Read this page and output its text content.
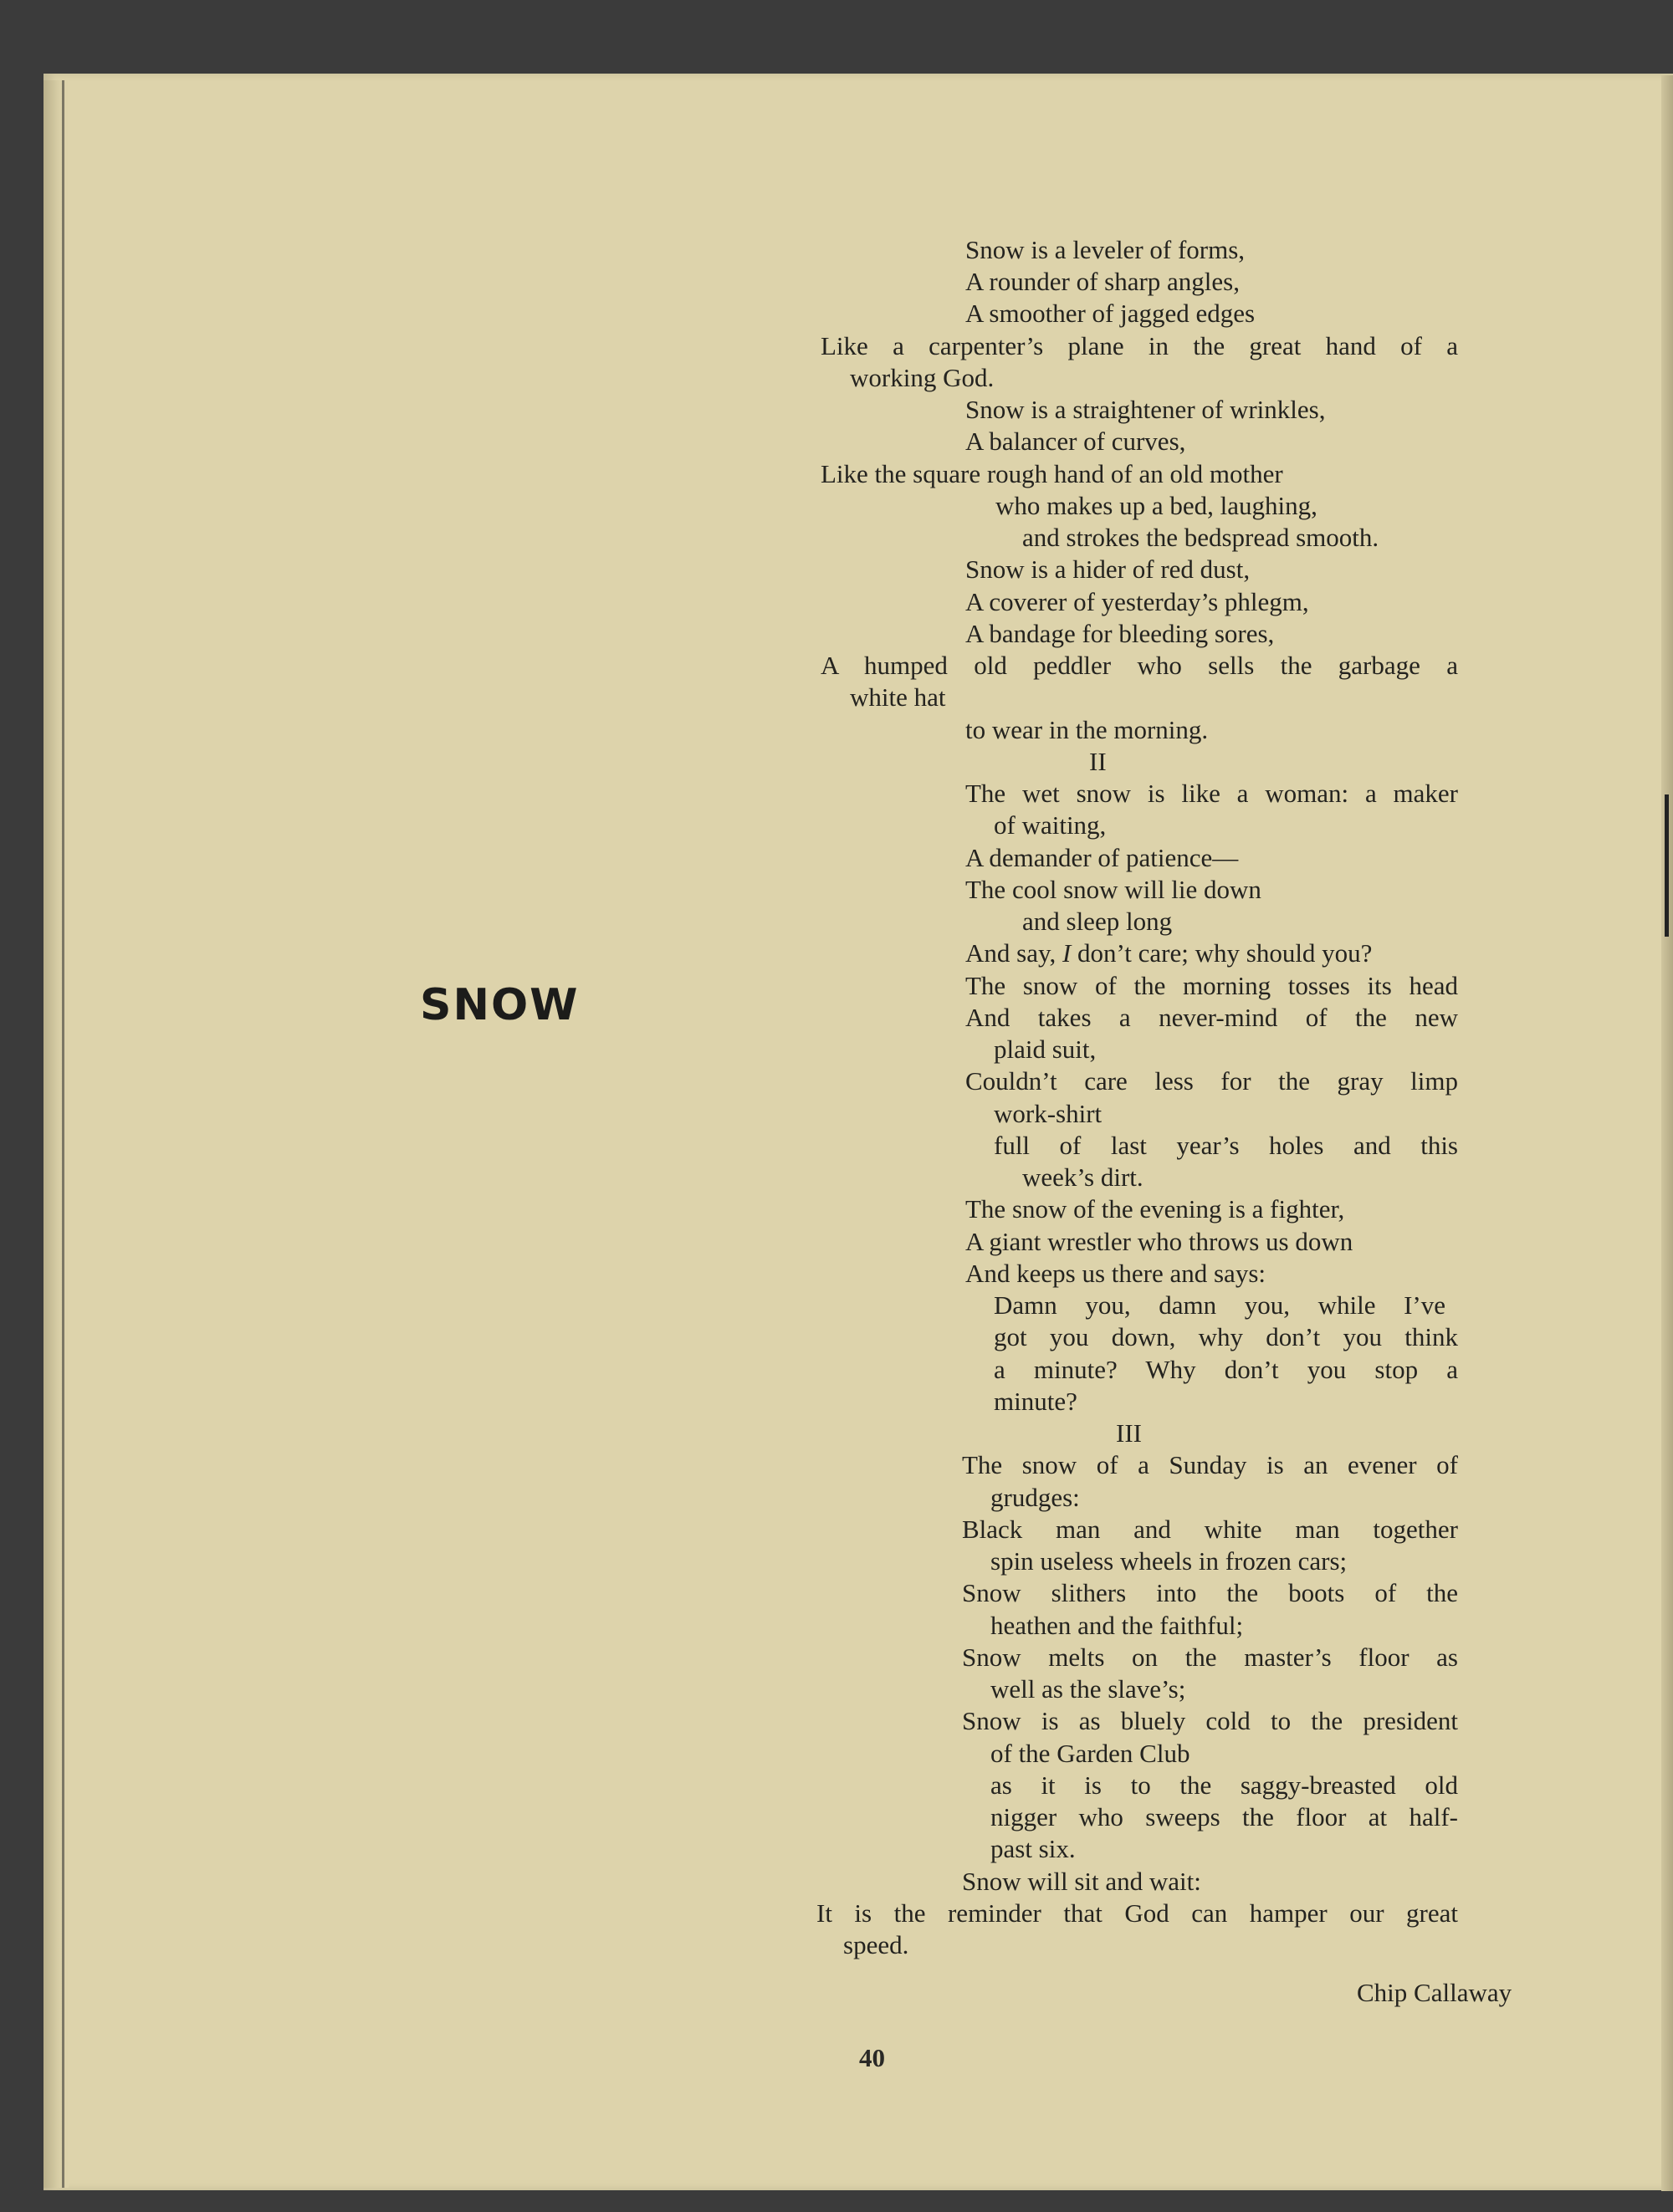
SNOW
Snow is a leveler of forms,
A rounder of sharp angles,
A smoother of jagged edges
Like a carpenter’s plane in the great hand of a
working God.
Snow is a straightener of wrinkles,
A balancer of curves,
Like the square rough hand of an old mother
who makes up a bed, laughing,
and strokes the bedspread smooth.
Snow is a hider of red dust,
A coverer of yesterday’s phlegm,
A bandage for bleeding sores,
A humped old peddler who sells the garbage a
white hat
to wear in the morning.
II
The wet snow is like a woman: a maker
of waiting,
A demander of patience—
The cool snow will lie down
and sleep long
And say, I don’t care; why should you?
The snow of the morning tosses its head
And takes a never-mind of the new
plaid suit,
Couldn’t care less for the gray limp
work-shirt
full of last year’s holes and this
week’s dirt.
The snow of the evening is a fighter,
A giant wrestler who throws us down
And keeps us there and says:
Damn you, damn you, while I’ve
got you down, why don’t you think
a minute? Why don’t you stop a
minute?
III
The snow of a Sunday is an evener of
grudges:
Black man and white man together
spin useless wheels in frozen cars;
Snow slithers into the boots of the
heathen and the faithful;
Snow melts on the master’s floor as
well as the slave’s;
Snow is as bluely cold to the president
of the Garden Club
as it is to the saggy-breasted old
nigger who sweeps the floor at half-
past six.
Snow will sit and wait:
It is the reminder that God can hamper our great
speed.
Chip Callaway
40
